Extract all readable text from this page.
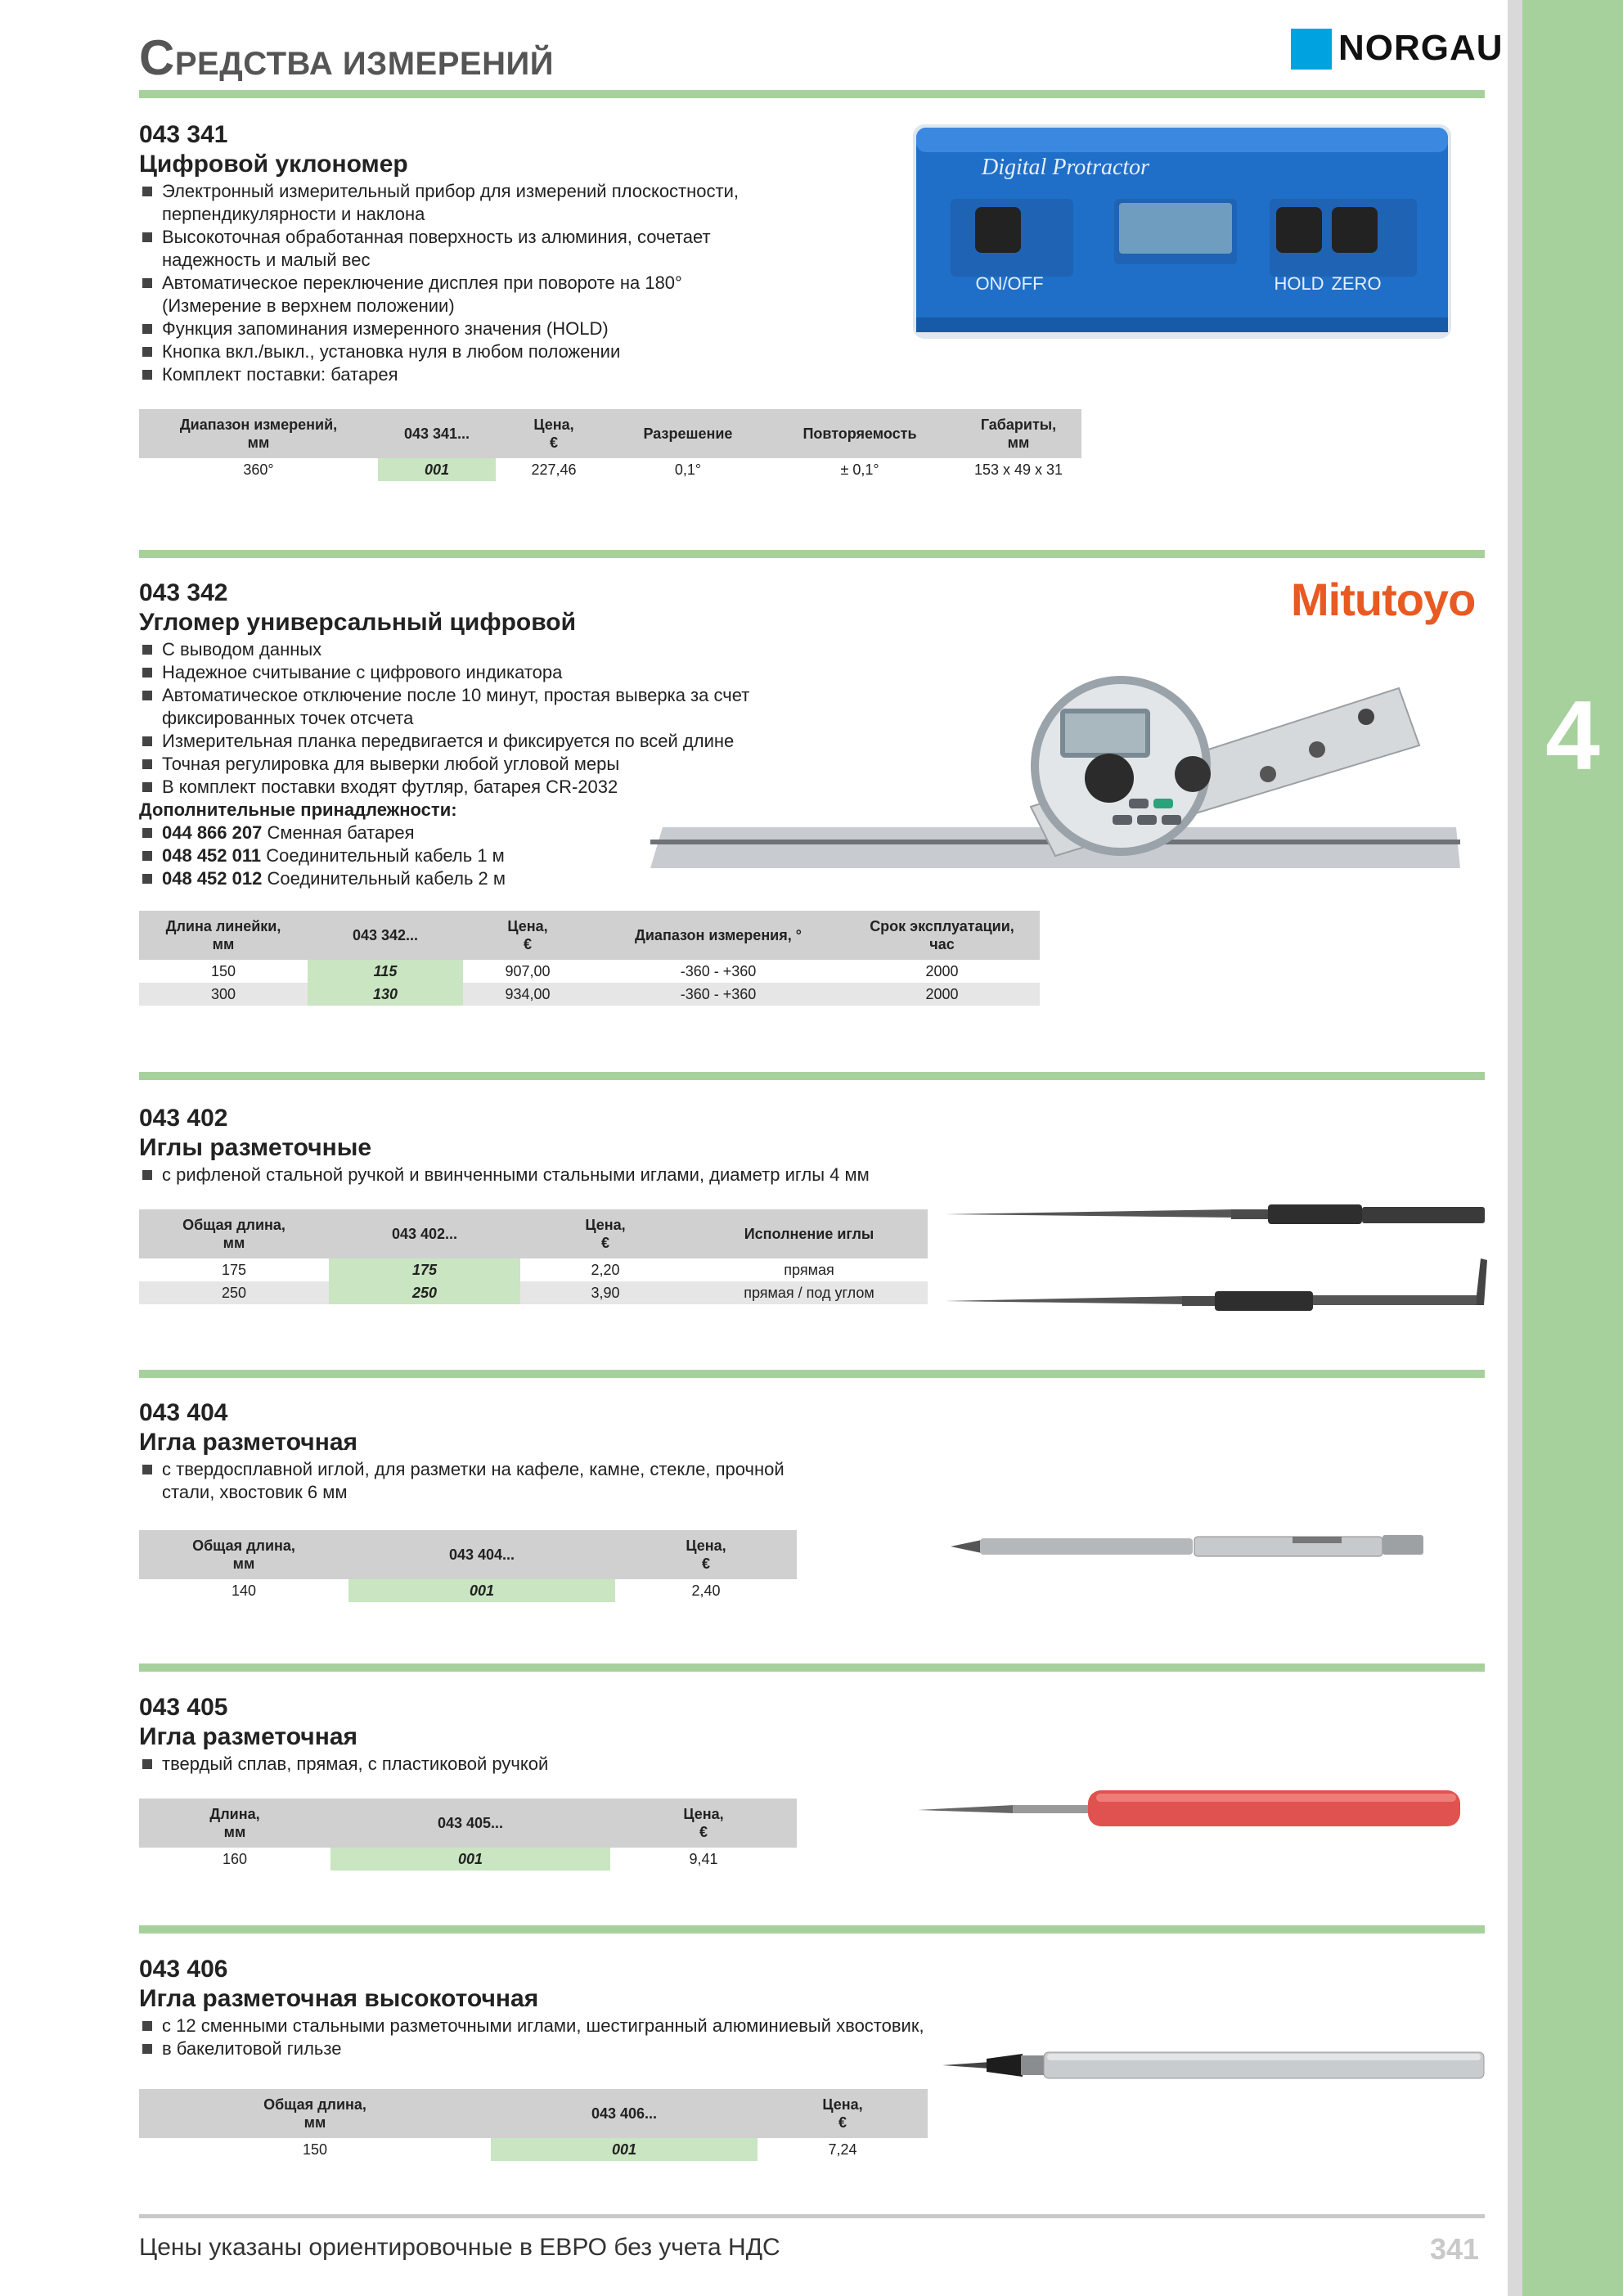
4
СРЕДСТВА ИЗМЕРЕНИЙ	NORGAU
043 341
Цифровой уклономер
Электронный измерительный прибор для измерений плоскостности,
перпендикулярности и наклона
Высокоточная обработанная поверхность из алюминия, сочетает
надежность и малый вес
Автоматическое переключение дисплея при повороте на 180°
(Измерение в верхнем положении)
Функция запоминания измеренного значения (HOLD)
Кнопка вкл./выкл., установка нуля в любом положении
Комплект поставки: батарея
Digital Protractor
ON/OFF	HOLD ZERO
Диапазон измерений,
мм	043 341...	Цена,
€	Разрешение	Повторяемость	Габариты,
мм
360°	001	227,46	0,1°	± 0,1°	153 x 49 x 31
043 342
Угломер универсальный цифровой	Mitutoyo
С выводом данных
Надежное считывание с цифрового индикатора
Автоматическое отключение после 10 минут, простая выверка за счет
фиксированных точек отсчета
Измерительная планка передвигается и фиксируется по всей длине
Точная регулировка для выверки любой угловой меры
В комплект поставки входят футляр, батарея CR-2032
Дополнительные принадлежности:
044 866 207 Сменная батарея
048 452 011 Соединительный кабель 1 м
048 452 012 Соединительный кабель 2 м
Длина линейки,
мм	043 342...	Цена,
€	Диапазон измерения, °	Срок эксплуатации,
час
150	115	907,00	-360 - +360	2000
300	130	934,00	-360 - +360	2000
043 402
Иглы разметочные
с рифленой стальной ручкой и ввинченными стальными иглами, диаметр иглы 4 мм
Общая длина,
мм	043 402...	Цена,
€	Исполнение иглы
175	175	2,20	прямая
250	250	3,90	прямая / под углом
043 404
Игла разметочная
с твердосплавной иглой, для разметки на кафеле, камне, стекле, прочной
стали, хвостовик 6 мм
Общая длина,
мм	043 404...	Цена,
€
140	001	2,40
043 405
Игла разметочная
твердый сплав, прямая, с пластиковой ручкой
Длина,
мм	043 405...	Цена,
€
160	001	9,41
043 406
Игла разметочная высокоточная
с 12 сменными стальными разметочными иглами, шестигранный алюминиевый хвостовик,
в бакелитовой гильзе
Общая длина,
мм	043 406...	Цена,
€
150	001	7,24
Цены указаны ориентировочные в ЕВРО без учета НДС	341
